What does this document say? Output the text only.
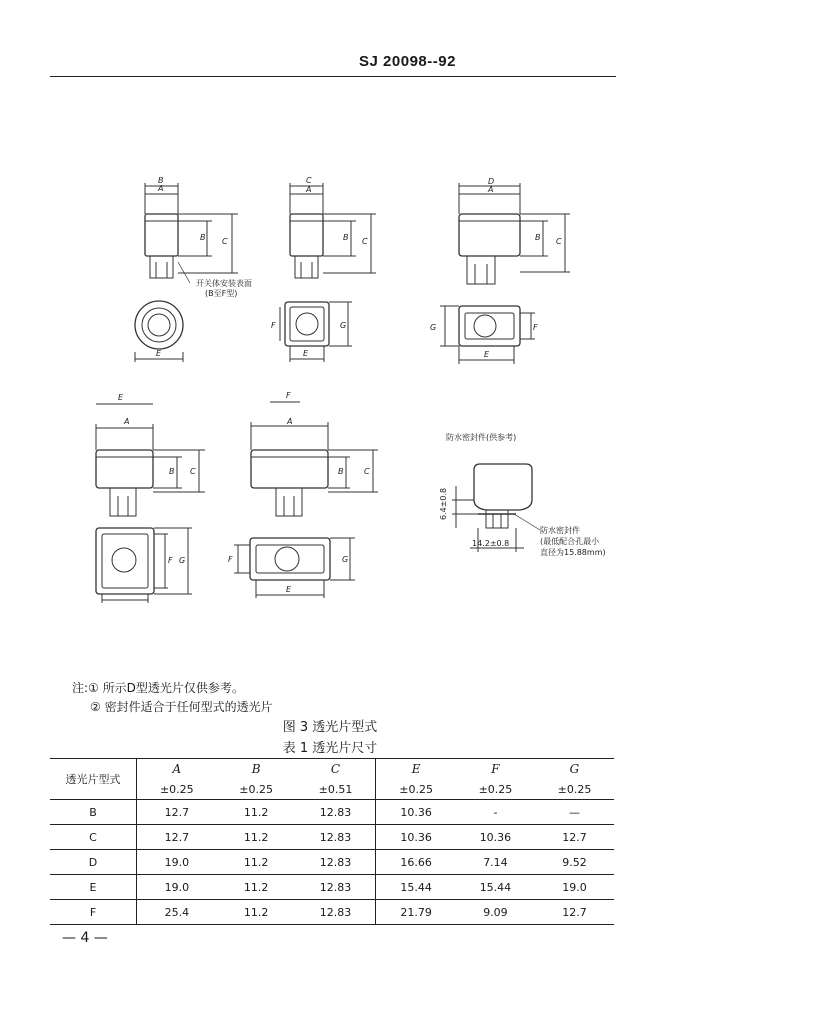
SJ 20098--92
B
A
B C
开关体安装表面
(B至F型)
E
C
A
B C
F	G
E
D
A
B C
G	F
E
E
A
B C
F G
F
A
B	C
F	G
E
防水密封件(供参考)
6.4±0.8
14.2±0.8
防水密封件
(最低配合孔最小
直径为15.88mm)
注:① 所示D型透光片仅供参考。
② 密封件适合于任何型式的透光片
图 3 透光片型式
表 1 透光片尺寸
透光片型式	A	B	C	E	F	G
	±0.25	±0.25	±0.51	±0.25	±0.25	±0.25
B	12.7	11.2	12.83	10.36	-	—
C	12.7	11.2	12.83	10.36	10.36	12.7
D	19.0	11.2	12.83	16.66	7.14	9.52
E	19.0	11.2	12.83	15.44	15.44	19.0
F	25.4	11.2	12.83	21.79	9.09	12.7
— 4 —
